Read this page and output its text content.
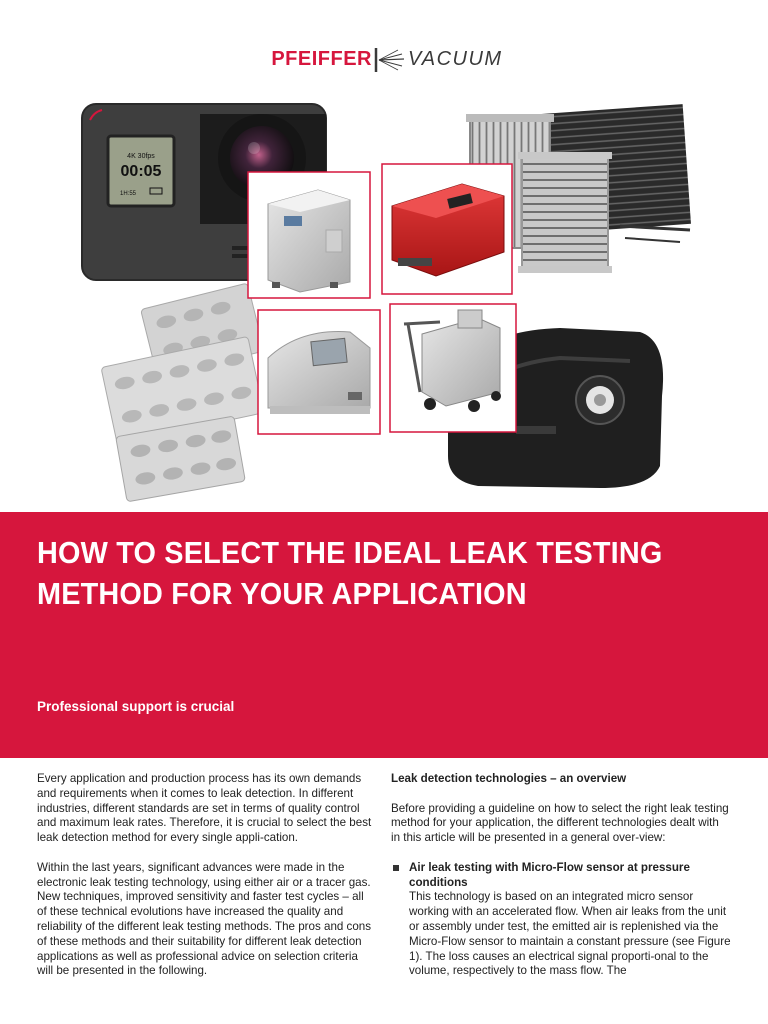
PFEIFFER VACUUM
4K 30fps
00:05
1H:55
HOW TO SELECT THE IDEAL LEAK TESTING
METHOD FOR YOUR APPLICATION
Professional support is crucial

Every application and production process has its own demands and requirements when it comes to leak detection. In different industries, different standards are set in terms of quality control and maximum leak rates. Therefore, it is crucial to select the best leak detection method for every single appli-cation.

Within the last years, significant advances were made in the electronic leak testing technology, using either air or a tracer gas. New techniques, improved sensitivity and faster test cycles – all of these technical evolutions have increased the quality and reliability of the different leak testing methods. The pros and cons of these methods and their suitability for different leak detection applications as well as professional advice on selection criteria will be presented in the following.

Leak detection technologies – an overview

Before providing a guideline on how to select the right leak testing method for your application, the different technologies dealt with in this article will be presented in a general over-view:

Air leak testing with Micro-Flow sensor at pressure conditions
This technology is based on an integrated micro sensor working with an accelerated flow. When air leaks from the unit or assembly under test, the emitted air is replenished via the Micro-Flow sensor to maintain a constant pressure (see Figure 1). The loss causes an electrical signal proporti-onal to the volume, respectively to the mass flow. The
